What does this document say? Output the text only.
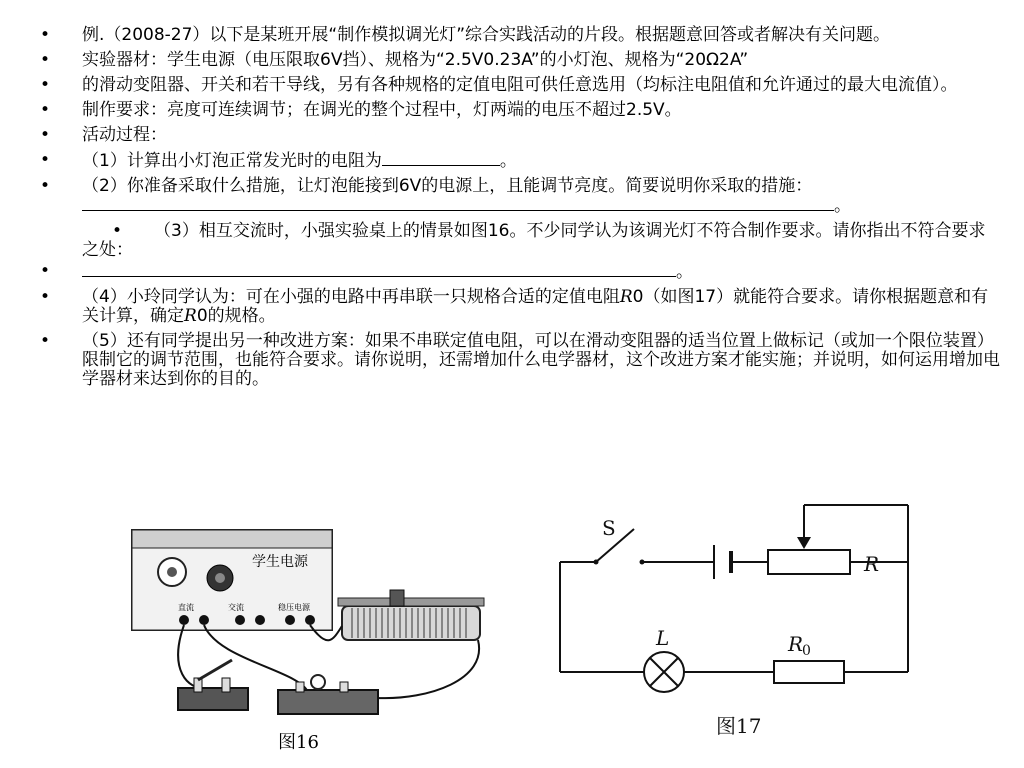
• 例.（2008-27）以下是某班开展“制作模拟调光灯”综合实践活动的片段。根据题意回答或者解决有关问题。
• 实验器材：学生电源（电压限取6V挡）、规格为“2.5V0.23A”的小灯泡、规格为“20Ω2A”
• 的滑动变阻器、开关和若干导线，另有各种规格的定值电阻可供任意选用（均标注电阻值和允许通过的最大电流值）。
• 制作要求：亮度可连续调节；在调光的整个过程中，灯两端的电压不超过2.5V。
• 活动过程：
• （1）计算出小灯泡正常发光时的电阻为	。
• （2）你准备采取什么措施，让灯泡能接到6V的电源上，且能调节亮度。简要说明你采取的措施：。
• （3）相互交流时，小强实验桌上的情景如图16。不少同学认为该调光灯不符合制作要求。请你指出不符合要求之处：
• 。
• （4）小玲同学认为：可在小强的电路中再串联一只规格合适的定值电阻R0（如图17）就能符合要求。请你根据题意和有关计算，确定R0的规格。
• （5）还有同学提出另一种改进方案：如果不串联定值电阻，可以在滑动变阻器的适当位置上做标记（或加一个限位装置）限制它的调节范围，也能符合要求。请你说明，还需增加什么电学器材，这个改进方案才能实施；并说明，如何运用增加电学器材来达到你的目的。
学生电源
直流	交流	稳压电源
图16
S
R
L	R
0
图17
